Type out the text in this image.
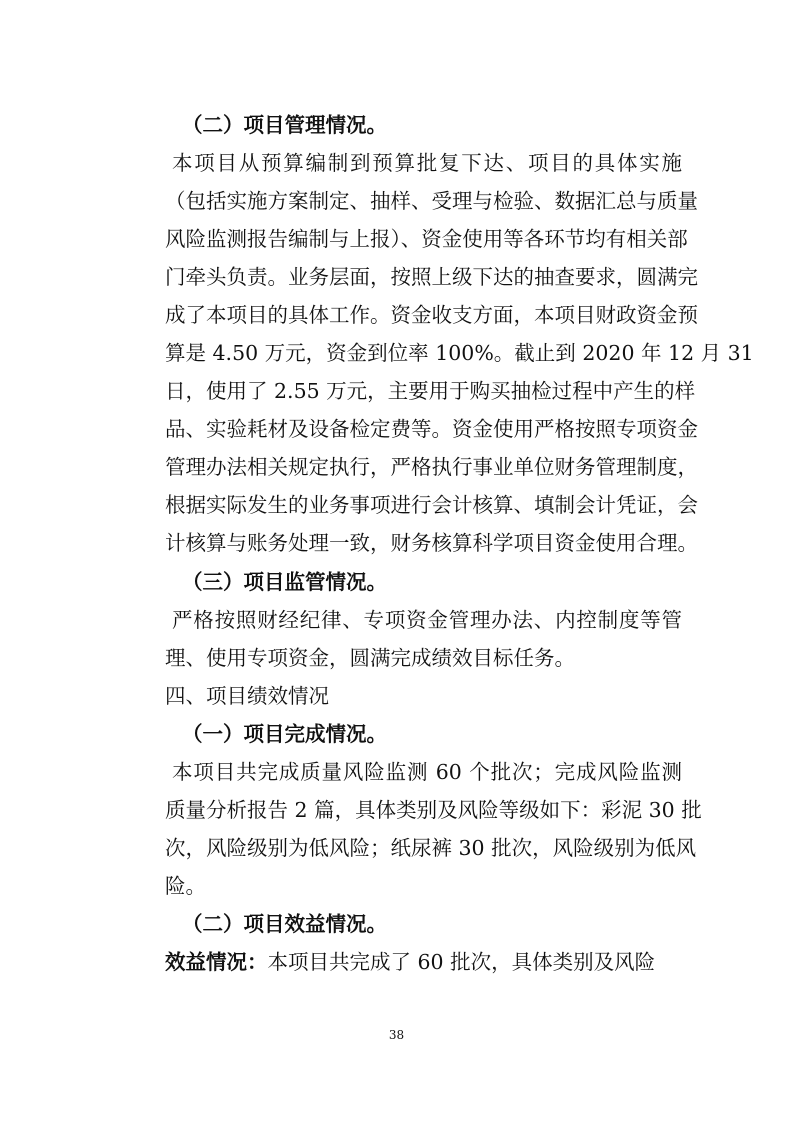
（二）项目管理情况。
本项目从预算编制到预算批复下达、项目的具体实施
（包括实施方案制定、抽样、受理与检验、数据汇总与质量
风险监测报告编制与上报）、资金使用等各环节均有相关部
门牵头负责。业务层面，按照上级下达的抽查要求，圆满完
成了本项目的具体工作。资金收支方面，本项目财政资金预
算是 4.50 万元，资金到位率 100%。截止到 2020 年 12 月 31
日，使用了 2.55 万元，主要用于购买抽检过程中产生的样
品、实验耗材及设备检定费等。资金使用严格按照专项资金
管理办法相关规定执行，严格执行事业单位财务管理制度，
根据实际发生的业务事项进行会计核算、填制会计凭证，会
计核算与账务处理一致，财务核算科学项目资金使用合理。
（三）项目监管情况。
严格按照财经纪律、专项资金管理办法、内控制度等管
理、使用专项资金，圆满完成绩效目标任务。
四、项目绩效情况
（一）项目完成情况。
本项目共完成质量风险监测 60 个批次；完成风险监测
质量分析报告 2 篇，具体类别及风险等级如下：彩泥 30 批
次，风险级别为低风险；纸尿裤 30 批次，风险级别为低风
险。
（二）项目效益情况。
效益情况：本项目共完成了 60 批次，具体类别及风险
38
